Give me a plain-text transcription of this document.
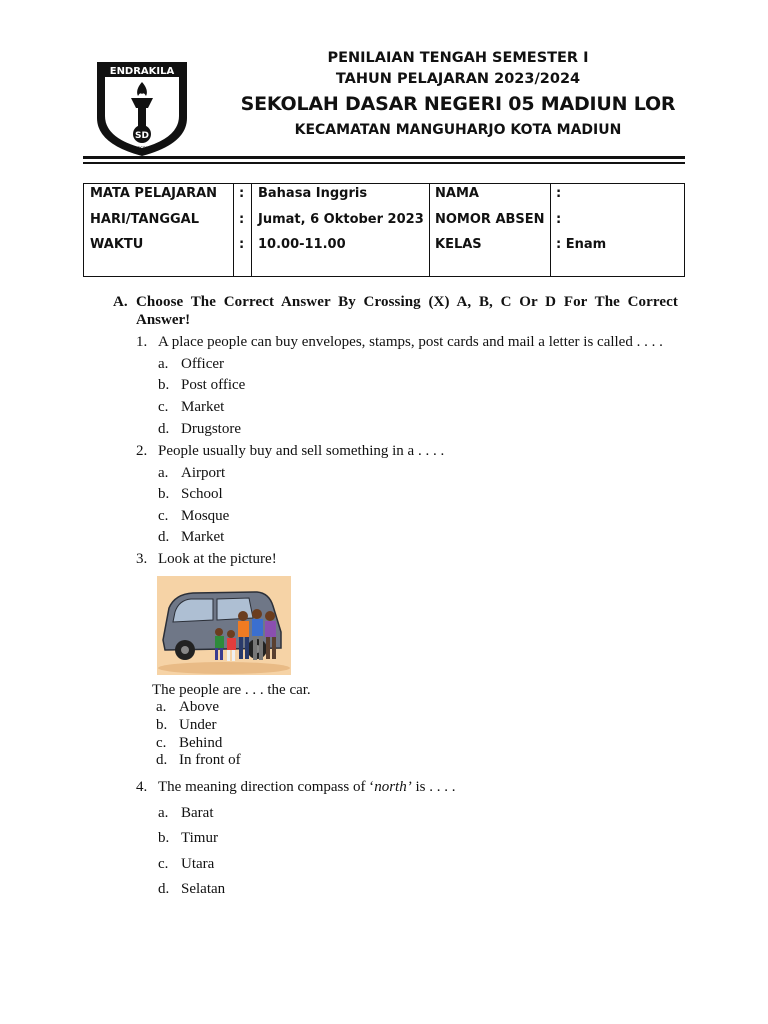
ENDRAKILA
SD
NEGERI
PENILAIAN TENGAH SEMESTER I
TAHUN PELAJARAN 2023/2024
SEKOLAH DASAR NEGERI 05 MADIUN LOR
KECAMATAN MANGUHARJO KOTA MADIUN
MATA PELAJARAN
HARI/TANGGAL
WAKTU
:
:
:
Bahasa Inggris
Jumat, 6 Oktober 2023
10.00-11.00
NAMA
NOMOR ABSEN
KELAS
:
:
: Enam
A. Choose The Correct Answer By Crossing (X) A, B, C Or D For The Correct
Answer!
1. A place people can buy envelopes, stamps, post cards and mail a letter is called . . . .
a. Officer
b. Post office
c. Market
d. Drugstore
2. People usually buy and sell something in a . . . .
a. Airport
b. School
c. Mosque
d. Market
3. Look at the picture!
The people are . . . the car.
a. Above
b. Under
c. Behind
d. In front of
4. The meaning direction compass of ‘north’ is . . . .
a. Barat
b. Timur
c. Utara
d. Selatan
